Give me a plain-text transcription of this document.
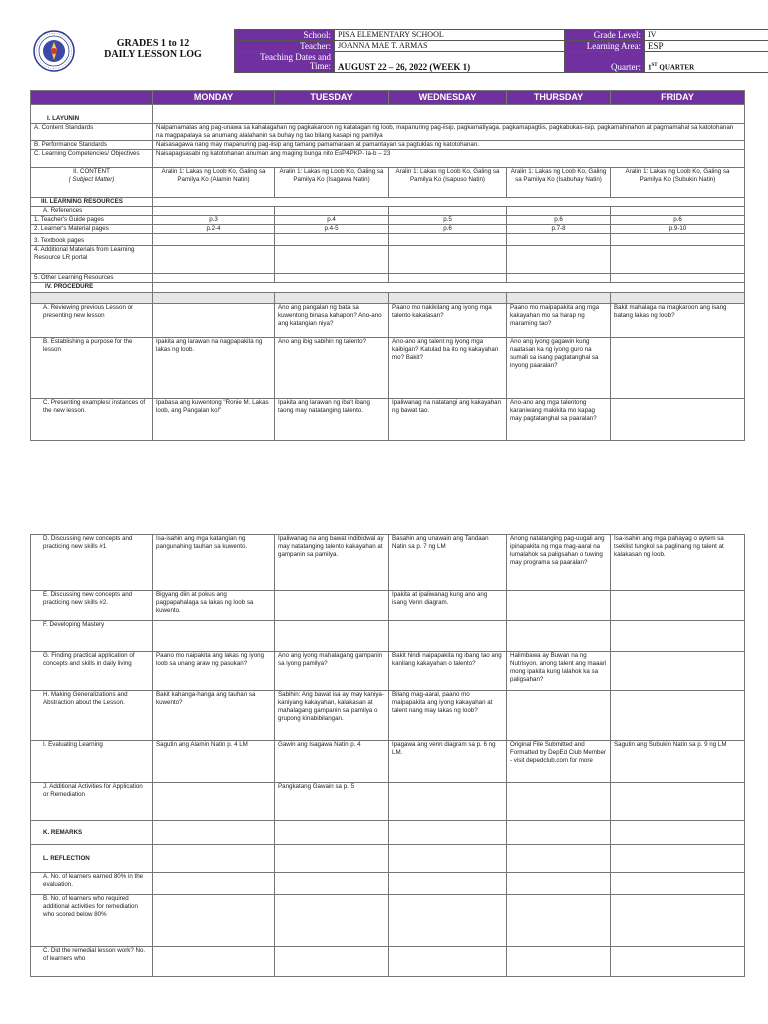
GRADES 1 to 12
DAILY LESSON LOG
School:	PISA ELEMENTARY SCHOOL	Grade Level:	IV
Teacher:	JOANNA MAE T. ARMAS	Learning Area:	ESP

Teaching Dates and
Time:	AUGUST 22 – 26, 2022 (WEEK 1)	Quarter:	1ST QUARTER
	MONDAY	TUESDAY	WEDNESDAY	THURSDAY	FRIDAY
I. LAYUNIN					
A. Content Standards	Naipamamalas ang pag-unawa sa kahalagahan ng pagkakaroon ng katatagan ng loob, mapanuring pag-iisip, pagkamatiyaga, pagkamapagtiis, pagkabukas-isip, pagkamahinahon at pagmamahal sa katotohanan na magpapalaya sa anumang alalahanin sa buhay ng tao bilang kasapi ng pamilya				
B. Performance Standards	Naisasagawa nang may mapanuring pag-iisip ang tamang pamamaraan at pamantayan sa pagtuklas ng katotohanan.				
C. Learning Competencies/ Objectives	Naisapagsasabi ng katotohanan anuman ang maging bunga nito EsP4PKP- Ia-b – 23				

II. CONTENT
( Subject Matter)	Aralin 1: Lakas ng Loob Ko, Galing sa Pamilya Ko (Alamin Natin)	Aralin 1: Lakas ng Loob Ko, Galing sa Pamilya Ko (Isagawa Natin)	Aralin 1: Lakas ng Loob Ko, Galing sa Pamilya Ko (Isapuso Natin)	Aralin 1: Lakas ng Loob Ko, Galing sa Pamilya Ko (Isabuhay Natin)	Aralin 1: Lakas ng Loob Ko, Galing sa Pamilya Ko (Subukin Natin)
III. LEARNING RESOURCES					
A. References					
1. Teacher's Guide pages	p.3	p.4	p.5	p.6	p.6
2. Learner's Material pages	p.2-4	p.4-5	p.6	p.7-8	p.9-10
3. Textbook pages					
4. Additional Materials from Learning Resource LR portal					
5. Other Learning Resources					
IV. PROCEDURE					

A. Reviewing previous Lesson or presenting new lesson		Ano ang pangalan ng bata sa kuwentong binasa kahapon? Ano-ano ang katangian niya?	Paano mo nakikilang ang iyong mga talento kakalasan?	Paano mo maipapakita ang mga kakayahan mo sa harap ng maraming tao?	Bakit mahalaga na magkaroon ang isang batang lakas ng loob?
B. Establishing a purpose for the lesson	Ipakita ang larawan na nagpapakita ng lakas ng loob.	Ano ang ibig sabihin ng talento?	Ano-ano ang talent ng iyong mga kaibigan? Katulad ba ito ng kakayahan mo? Bakit?	Ano ang iyong gagawin kung naatasan ka ng iyong guro na sumali sa isang pagtatanghal sa inyong paaralan?	
C. Presenting examples/ instances of the new lesson.	Ipabasa ang kuwentong "Ronie M. Lakas loob, ang Pangalan ko!"	Ipakita ang larawan ng iba't ibang taong may natatanging talento.	Ipaliwanag na natatangi ang kakayahan ng bawat tao.	Ano-ano ang mga talentong karaniwang makikita mo kapag may pagtatanghal sa paaralan?	
D. Discussing new concepts and practicing new skills #1	Isa-isahin ang mga katangian ng pangunahing tauhan sa kuwento.	Ipaliwanag na ang bawat indibidwal ay may natatanging talento kakayahan at gampanin sa pamilya.	Basahin ang unawain ang Tandaan Natin sa p. 7 ng LM	Anong natatanging pag-uugali ang ipinapakita ng mga mag-aaral na lumalahok sa paligsahan o tuwing may programa sa paaralan?	Isa-isahin ang mga pahayag o aytem sa tseklist tungkol sa paglinang ng talent at kalakasan ng loob.
E. Discussing new concepts and practicing new skills #2.	Bigyang diin at pokus ang pagpapahalaga sa lakas ng loob sa kuwento.		Ipakita at ipaliwanag kung ano ang isang Venn diagram.		
F. Developing Mastery					
G. Finding practical application of concepts and skills in daily living	Paano mo naipakita ang lakas ng iyong loob sa unang araw ng pasukan?	Ano ang iyong mahalagang gampanin sa iyong pamilya?	Bakit hindi naipapakita ng ibang tao ang kanilang kakayahan o talento?	Halimbawa ay Buwan na ng Nutrisyon, anong talent ang maaari mong ipakita kung lalahok ka sa paligsahan?	
H. Making Generalizations and Abstraction about the Lesson.	Bakit kahanga-hanga ang tauhan sa kuwento?	Sabihin: Ang bawat isa ay may kaniya-kaniyang kakayahan, kalakasan at mahalagang gampanin sa pamilya o grupong kinabibilangan.	Bilang mag-aaral, paano mo maipapakita ang iyong kakayahan at talent nang may lakas ng loob?		
I. Evaluating Learning	Sagutin ang Alamin Natin p. 4 LM	Gawin ang Isagawa Natin p. 4	Ipagawa ang venn diagram sa p. 6 ng LM.	Original File Submitted and Formatted by DepEd Club Member - visit depedclub.com for more	Sagutin ang Subukin Natin sa p. 9 ng LM
J. Additional Activities for Application or Remediation		Pangkatang Gawain sa p. 5			
K. REMARKS					
L. REFLECTION					
A. No. of learners earned 80% in the evaluation.					
B. No. of learners who required additional activities for remediation who scored below 80%					
C. Did the remedial lesson work? No. of learners who					
